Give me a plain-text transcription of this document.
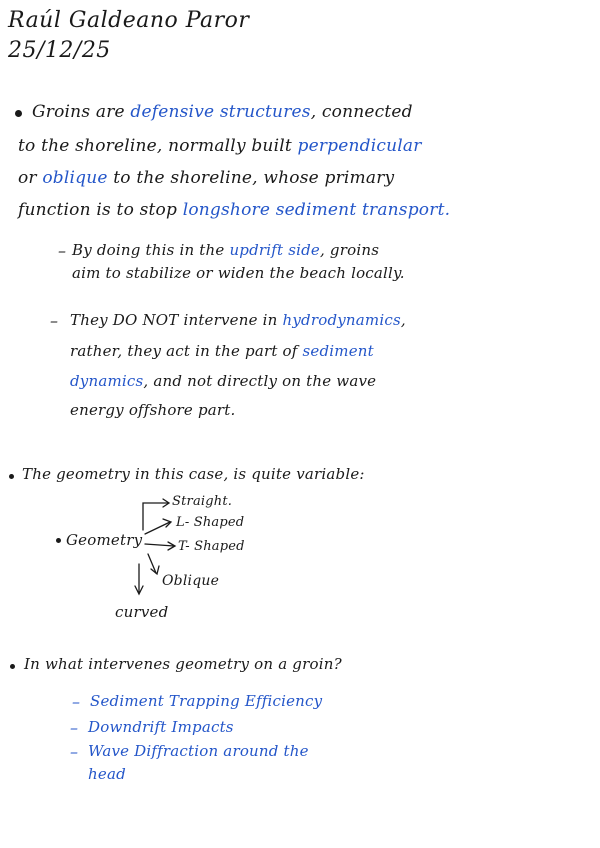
Raúl Galdeano Paror
25/12/25
Groins are defensive structures, connected
to the shoreline, normally built perpendicular
or oblique to the shoreline, whose primary
function is to stop longshore sediment transport.
– By doing this in the updrift side, groins
aim to stabilize or widen the beach locally.
– They DO NOT intervene in hydrodynamics,
rather, they act in the part of sediment
dynamics, and not directly on the wave
energy offshore part.
The geometry in this case, is quite variable:
Geometry
Straight.
L- Shaped
T- Shaped
Oblique
curved
In what intervenes geometry on a groin?
– Sediment Trapping Efficiency
– Downdrift Impacts
– Wave Diffraction around the
head
